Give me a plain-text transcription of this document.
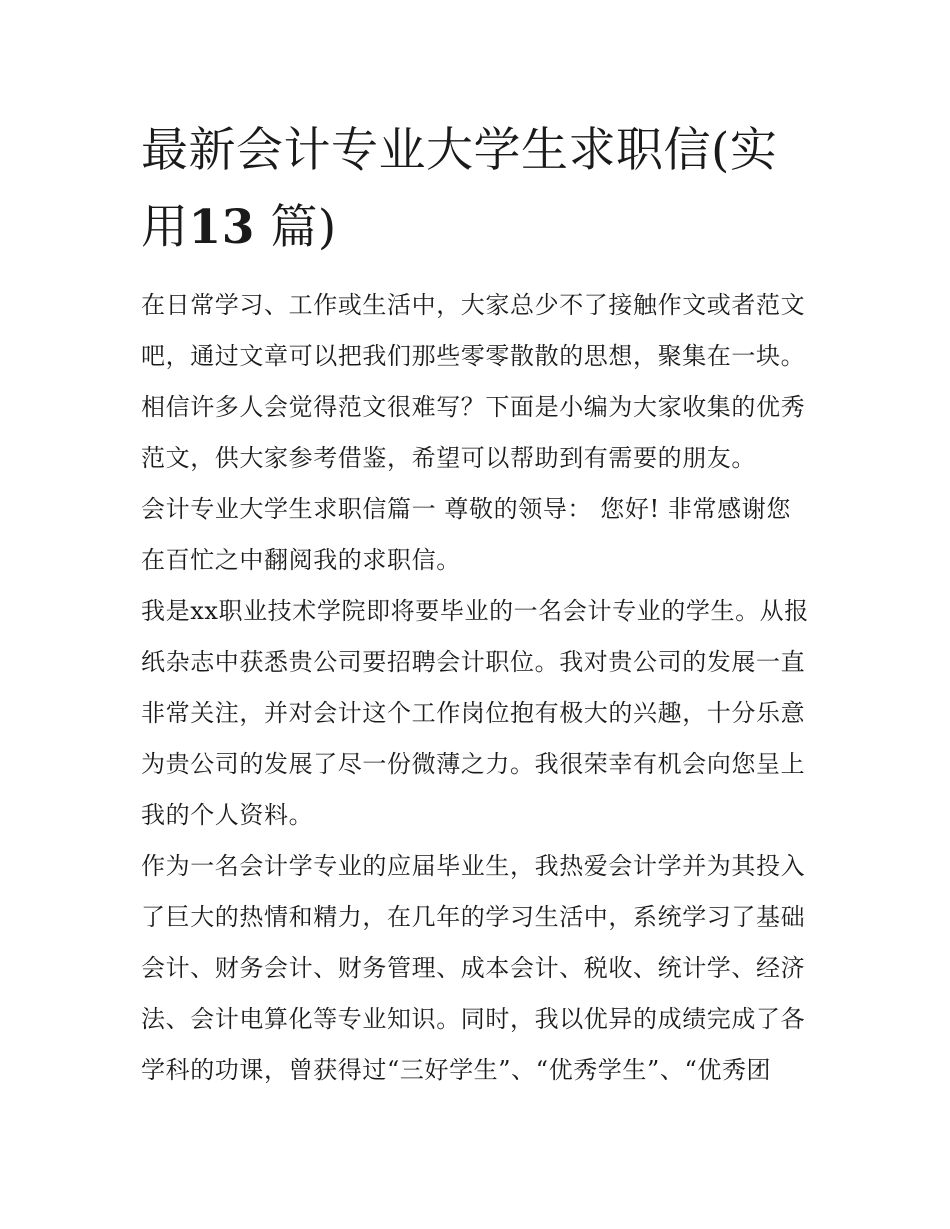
最新会计专业大学生求职信(实用13 篇)

在日常学习、工作或生活中，大家总少不了接触作文或者范文吧，通过文章可以把我们那些零零散散的思想，聚集在一块。相信许多人会觉得范文很难写？下面是小编为大家收集的优秀范文，供大家参考借鉴，希望可以帮助到有需要的朋友。

会计专业大学生求职信篇一 尊敬的领导： 您好! 非常感谢您在百忙之中翻阅我的求职信。

我是xx职业技术学院即将要毕业的一名会计专业的学生。从报纸杂志中获悉贵公司要招聘会计职位。我对贵公司的发展一直非常关注，并对会计这个工作岗位抱有极大的兴趣，十分乐意为贵公司的发展了尽一份微薄之力。我很荣幸有机会向您呈上我的个人资料。

作为一名会计学专业的应届毕业生，我热爱会计学并为其投入了巨大的热情和精力，在几年的学习生活中，系统学习了基础会计、财务会计、财务管理、成本会计、税收、统计学、经济法、会计电算化等专业知识。同时，我以优异的成绩完成了各学科的功课，曾获得过“三好学生”、“优秀学生”、“优秀团
